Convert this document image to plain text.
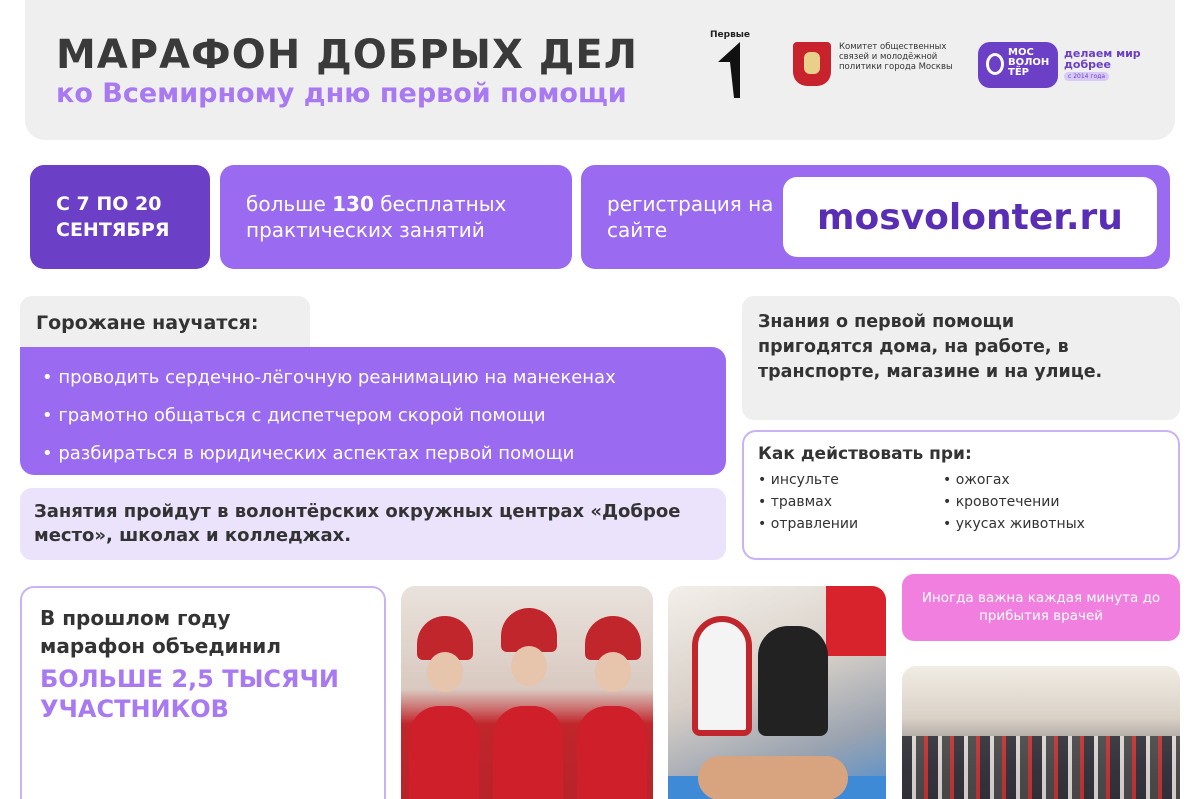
МАРАФОН ДОБРЫХ ДЕЛ
ко Всемирному дню первой помощи
Первые
Комитет общественных связей и молодёжной политики города Москвы
МОС ВОЛОН ТЁР
делаем мир добрее
с 2014 года
С 7 ПО 20 СЕНТЯБРЯ
больше 130 бесплатных практических занятий
регистрация на сайте	mosvolonter.ru
Горожане научатся:
• проводить сердечно-лёгочную реанимацию на манекенах
• грамотно общаться с диспетчером скорой помощи
• разбираться в юридических аспектах первой помощи
Занятия пройдут в волонтёрских окружных центрах «Доброе место», школах и колледжах.
Знания о первой помощи пригодятся дома, на работе, в транспорте, магазине и на улице.
Как действовать при:
• инсульте	• ожогах
• травмах	• кровотечении
• отравлении	• укусах животных
В прошлом году
марафон объединил
БОЛЬШЕ 2,5 ТЫСЯЧИ УЧАСТНИКОВ
Иногда важна каждая минута до прибытия врачей
